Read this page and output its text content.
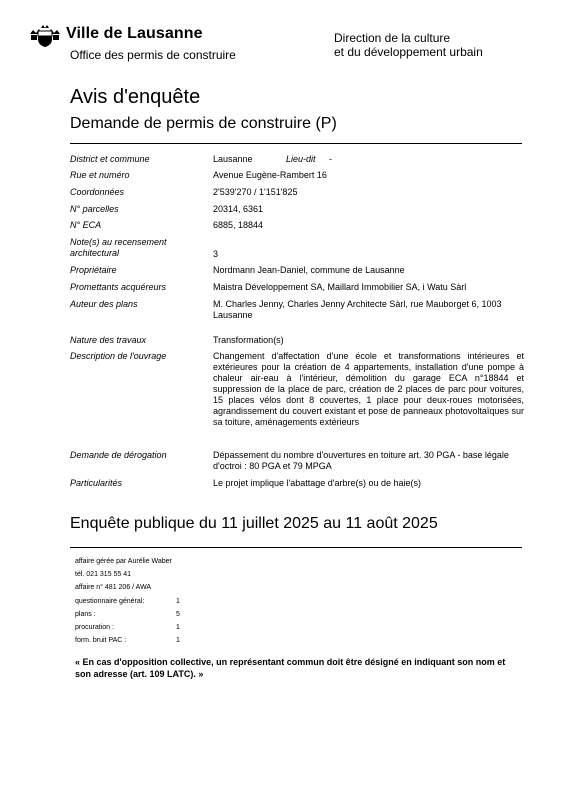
Ville de Lausanne
Office des permis de construire
Direction de la culture
et du développement urbain
Avis d'enquête
Demande de permis de construire (P)
District et commune	Lausanne	Lieu-dit -
Rue et numéro	Avenue Eugène-Rambert 16
Coordonnées	2'539'270 / 1'151'825
N° parcelles	20314, 6361
N° ECA	6885, 18844
Note(s) au recensement architectural	3
Propriétaire	Nordmann Jean-Daniel, commune de Lausanne
Promettants acquéreurs	Maistra Développement SA, Maillard Immobilier SA, i Watu Sàrl
Auteur des plans	M. Charles Jenny, Charles Jenny Architecte Sàrl, rue Mauborget 6, 1003 Lausanne
Nature des travaux	Transformation(s)
Description de l'ouvrage	Changement d'affectation d'une école et transformations intérieures et extérieures pour la création de 4 appartements, installation d'une pompe à chaleur air-eau à l'intérieur, démolition du garage ECA n°18844 et suppression de la place de parc, création de 2 places de parc pour voitures, 15 places vélos dont 8 couvertes, 1 place pour deux-roues motorisées, agrandissement du couvert existant et pose de panneaux photovoltaïques sur sa toiture, aménagements extérieurs
Demande de dérogation	Dépassement du nombre d'ouvertures en toiture art. 30 PGA - base légale d'octroi : 80 PGA et 79 MPGA
Particularités	Le projet implique l'abattage d'arbre(s) ou de haie(s)
Enquête publique du 11 juillet 2025 au 11 août 2025
affaire gérée par Aurélie Waber
tél. 021 315 55 41
affaire n° 481 206 / AWA
questionnaire général:	1
plans :	5
procuration :	1
form. bruit PAC :	1
« En cas d'opposition collective, un représentant commun doit être désigné en indiquant son nom et son adresse (art. 109 LATC). »
